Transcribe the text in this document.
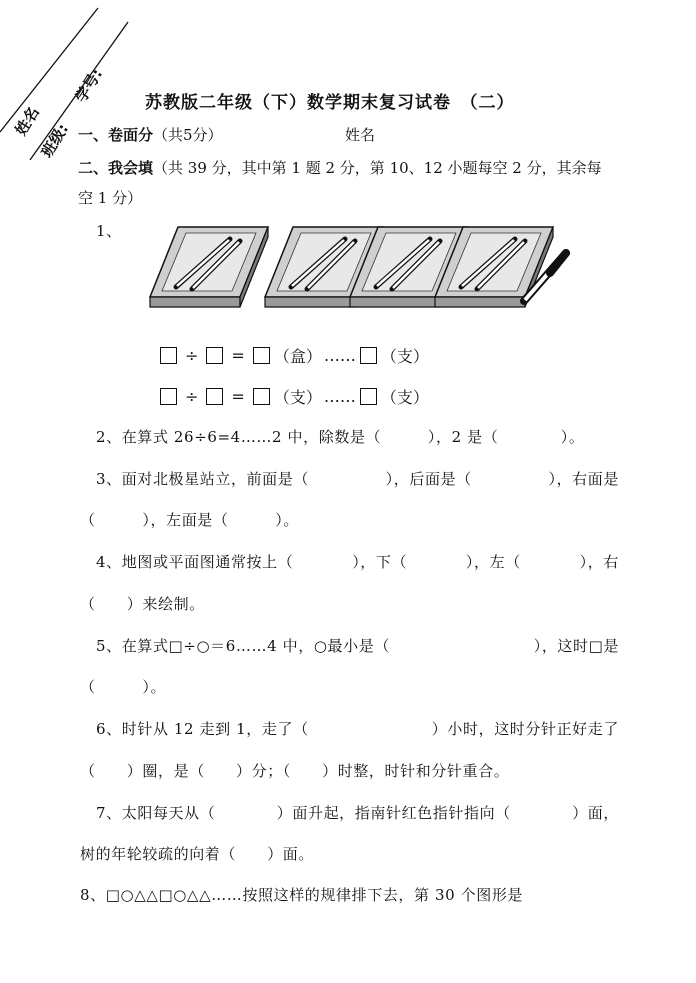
姓名
班级:
学号: 苏教版二年级（下）数学期末复习试卷　（二）
一、卷面分（共5分）	姓名
二、我会填（共 39 分，其中第 1 题 2 分，第 10、12 小题每空 2 分，其余每
空 1 分）
1、
÷ = （盒） …… （支）
÷ = （支） …… （支）
2、在算式 26÷6=4……2 中，除数是（　　　），2 是（　　　　）。
3、面对北极星站立，前面是（	），后面是（	），右面是
（　　　），左面是（　　　）。
4、地图或平面图通常按上（	），下（	），左（	），右
（　　）来绘制。
5、在算式□÷○＝6……4 中，○最小是（	），这时□是
（　　　）。
6、时针从 12 走到 1，走了（	）小时，这时分针正好走了
（　　）圈，是（　　）分；（　　）时整，时针和分针重合。
7、太阳每天从（	）面升起，指南针红色指针指向（	）面，
树的年轮较疏的向着（　　）面。
8、□○△△□○△△……按照这样的规律排下去，第 30 个图形是
